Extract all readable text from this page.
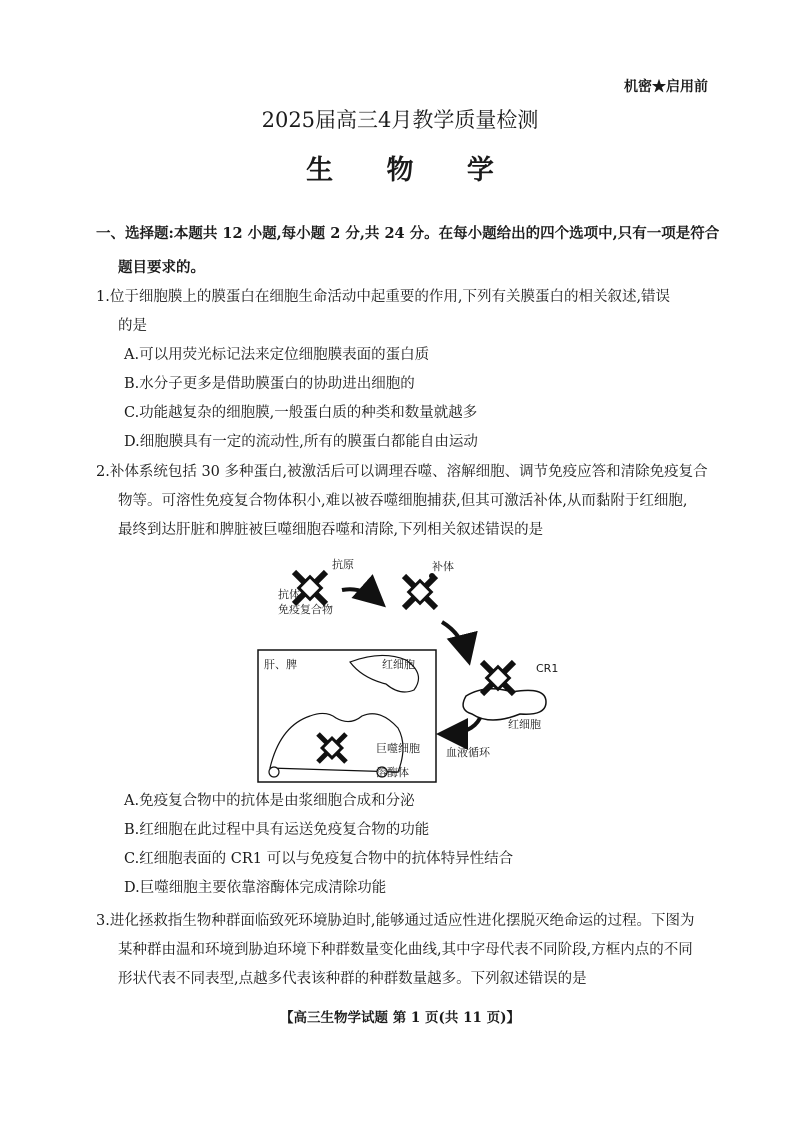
机密★启用前
2025届高三4月教学质量检测
生 物 学
一、选择题:本题共 12 小题,每小题 2 分,共 24 分。在每小题给出的四个选项中,只有一项是符合
题目要求的。
1.位于细胞膜上的膜蛋白在细胞生命活动中起重要的作用,下列有关膜蛋白的相关叙述,错误
的是
A.可以用荧光标记法来定位细胞膜表面的蛋白质
B.水分子更多是借助膜蛋白的协助进出细胞的
C.功能越复杂的细胞膜,一般蛋白质的种类和数量就越多
D.细胞膜具有一定的流动性,所有的膜蛋白都能自由运动
2.补体系统包括 30 多种蛋白,被激活后可以调理吞噬、溶解细胞、调节免疫应答和清除免疫复合
物等。可溶性免疫复合物体积小,难以被吞噬细胞捕获,但其可激活补体,从而黏附于红细胞,
最终到达肝脏和脾脏被巨噬细胞吞噬和清除,下列相关叙述错误的是
抗原
抗体
免疫复合物
补体
CR1
红细胞
肝、脾	红细胞
巨噬细胞
溶酶体
血液循环
A.免疫复合物中的抗体是由浆细胞合成和分泌
B.红细胞在此过程中具有运送免疫复合物的功能
C.红细胞表面的 CR1 可以与免疫复合物中的抗体特异性结合
D.巨噬细胞主要依靠溶酶体完成清除功能
3.进化拯救指生物种群面临致死环境胁迫时,能够通过适应性进化摆脱灭绝命运的过程。下图为
某种群由温和环境到胁迫环境下种群数量变化曲线,其中字母代表不同阶段,方框内点的不同
形状代表不同表型,点越多代表该种群的种群数量越多。下列叙述错误的是
【高三生物学试题 第 1 页(共 11 页)】
